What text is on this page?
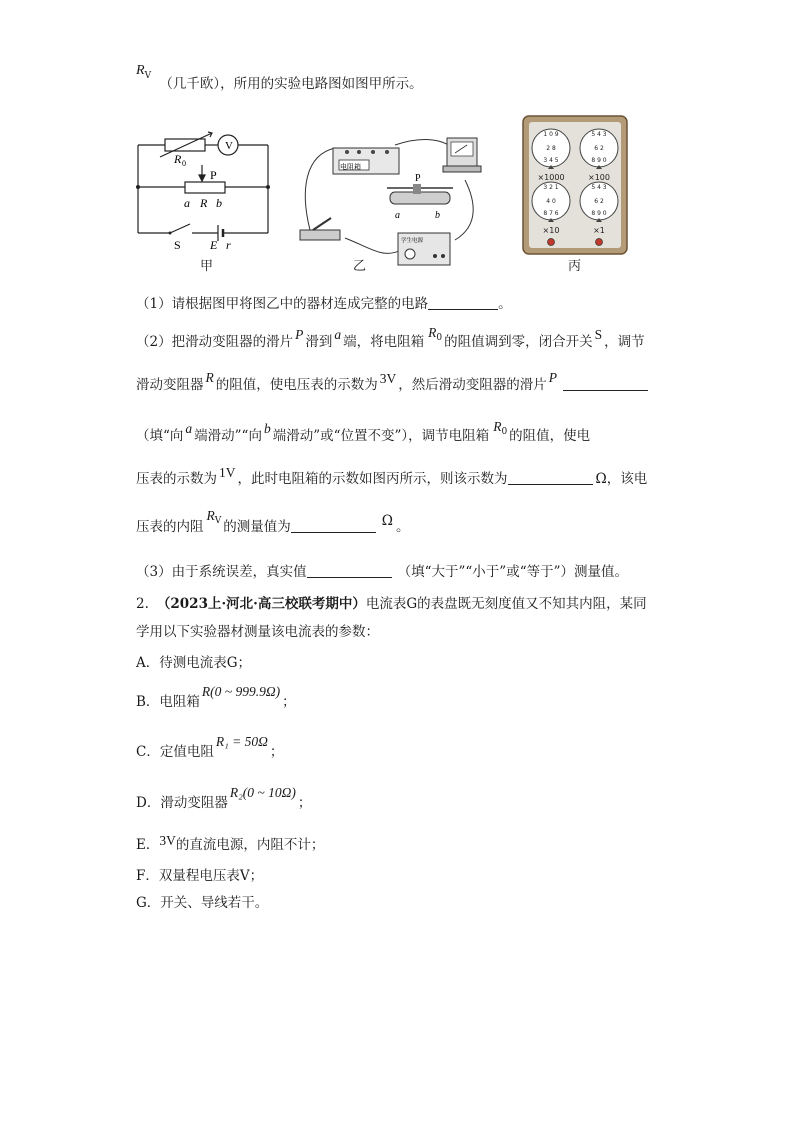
RV （几千欧），所用的实验电路图如图甲所示。
V
R 0
P
a R b
S E r
甲
电阻箱
P
a	b
学生电源
乙
1 0 9
2 8
3 4 5
5 4 3
6 2
8 9 0
3 2 1
4 0
8 7 6
5 4 3
6 2
8 9 0
×1000	×100
×10	×1
丙
（1）请根据图甲将图乙中的器材连成完整的电路	。
（2）把滑动变阻器的滑片 P 滑到 a 端，将电阻箱$R^0$ 的阻值调到零，闭合开关 S ，调节
滑动变阻器 R 的阻值，使电压表的示数为 3V ，然后滑动变阻器的滑片 P
（填“向 a 端滑动”“向 b 端滑动”或“位置不变”），调节电阻箱$R^0$ 的阻值，使电
压表的示数为 1V ，此时电阻箱的示数如图丙所示，则该示数为	Ω，该电
压表的内阻$R^V$ 的测量值为	Ω 。
（3）由于系统误差，真实值	（填“大于”“小于”或“等于”）测量值。
2. （2023上·河北·高三校联考期中）电流表G的表盘既无刻度值又不知其内阻，某同
学用以下实验器材测量该电流表的参数：
A．待测电流表G；
B．电阻箱R(0 ~ 999.9Ω)；
C．定值电阻R₁ = 50Ω；
D．滑动变阻器R₂(0 ~ 10Ω)；
E．3V的直流电源，内阻不计；
F．双量程电压表V；
G．开关、导线若干。
